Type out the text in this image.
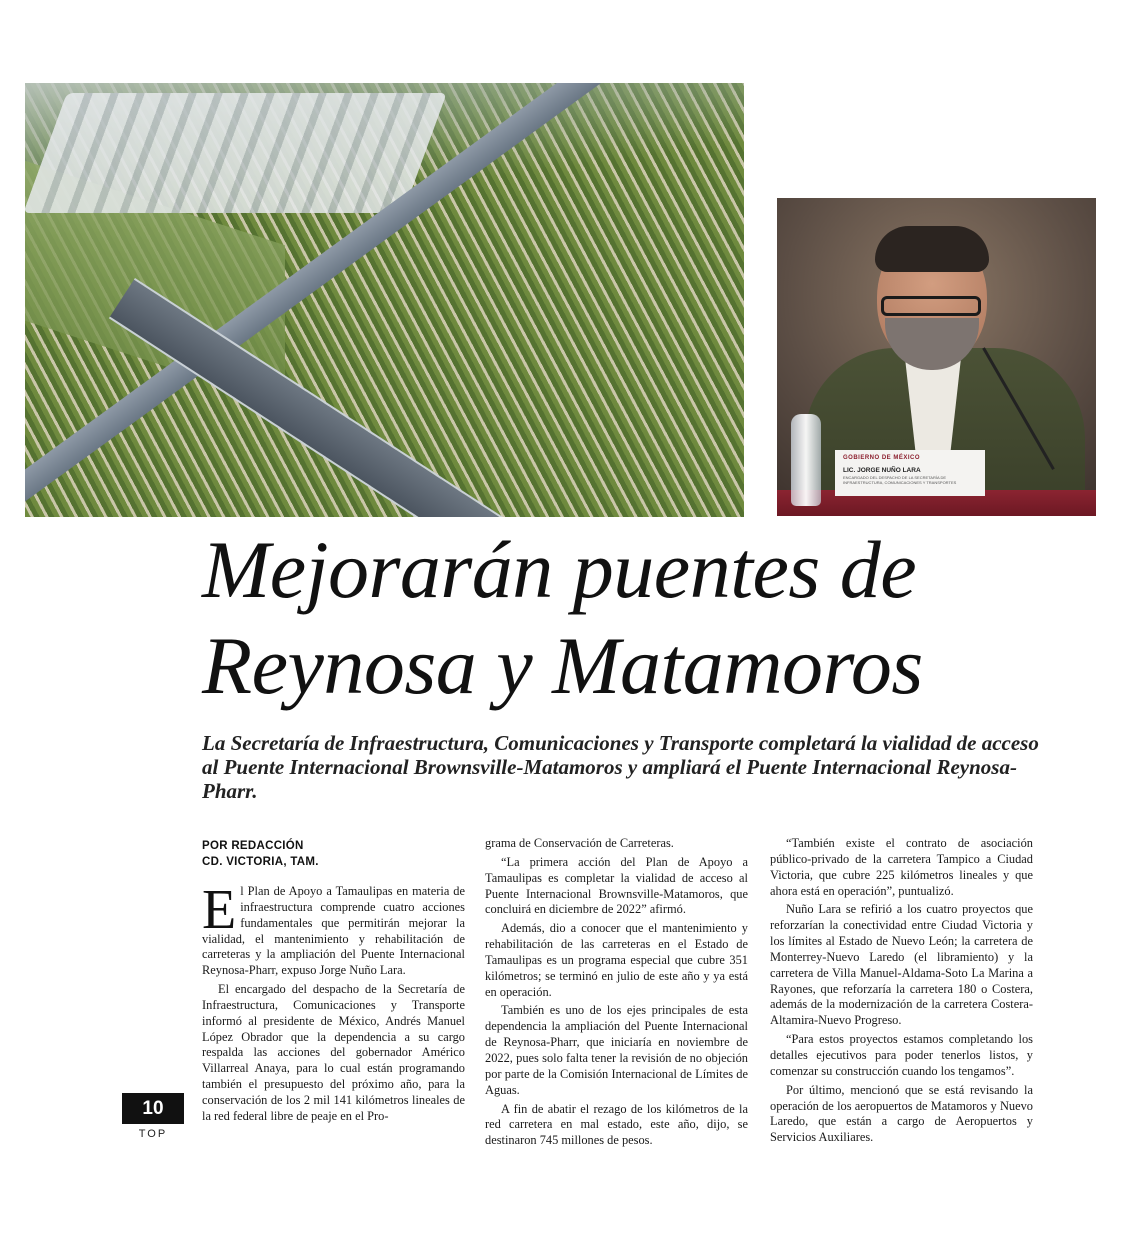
GOBIERNO DE MÉXICO
LIC. JORGE NUÑO LARA
ENCARGADO DEL DESPACHO DE LA SECRETARÍA DE INFRAESTRUCTURA, COMUNICACIONES Y TRANSPORTES
Mejorarán puentes de
Reynosa y Matamoros

La Secretaría de Infraestructura, Comunicaciones y Transporte completará la vialidad de acceso al Puente Internacional Brownsville-Matamoros y ampliará el Puente Internacional Reynosa-Pharr.

POR REDACCIÓN
CD. VICTORIA, TAM.

El Plan de Apoyo a Tamaulipas en materia de infraestructura comprende cuatro acciones fundamentales que permitirán mejorar la vialidad, el mantenimiento y rehabilitación de carreteras y la ampliación del Puente Internacional Reynosa-Pharr, expuso Jorge Nuño Lara.

El encargado del despacho de la Secretaría de Infraestructura, Comunicaciones y Transporte informó al presidente de México, Andrés Manuel López Obrador que la dependencia a su cargo respalda las acciones del gobernador Américo Villarreal Anaya, para lo cual están programando también el presupuesto del próximo año, para la conservación de los 2 mil 141 kilómetros lineales de la red federal libre de peaje en el Pro-

grama de Conservación de Carreteras.

“La primera acción del Plan de Apoyo a Tamaulipas es completar la vialidad de acceso al Puente Internacional Brownsville-Matamoros, que concluirá en diciembre de 2022” afirmó.

Además, dio a conocer que el mantenimiento y rehabilitación de las carreteras en el Estado de Tamaulipas es un programa especial que cubre 351 kilómetros; se terminó en julio de este año y ya está en operación.

También es uno de los ejes principales de esta dependencia la ampliación del Puente Internacional de Reynosa-Pharr, que iniciaría en noviembre de 2022, pues solo falta tener la revisión de no objeción por parte de la Comisión Internacional de Límites de Aguas.

A fin de abatir el rezago de los kilómetros de la red carretera en mal estado, este año, dijo, se destinaron 745 millones de pesos.

“También existe el contrato de asociación público-privado de la carretera Tampico a Ciudad Victoria, que cubre 225 kilómetros lineales y que ahora está en operación”, puntualizó.

Nuño Lara se refirió a los cuatro proyectos que reforzarían la conectividad entre Ciudad Victoria y los límites al Estado de Nuevo León; la carretera de Monterrey-Nuevo Laredo (el libramiento) y la carretera de Villa Manuel-Aldama-Soto La Marina a Rayones, que reforzaría la carretera 180 o Costera, además de la modernización de la carretera Costera-Altamira-Nuevo Progreso.

“Para estos proyectos estamos completando los detalles ejecutivos para poder tenerlos listos, y comenzar su construcción cuando los tengamos”.

Por último, mencionó que se está revisando la operación de los aeropuertos de Matamoros y Nuevo Laredo, que están a cargo de Aeropuertos y Servicios Auxiliares.

10
TOP
